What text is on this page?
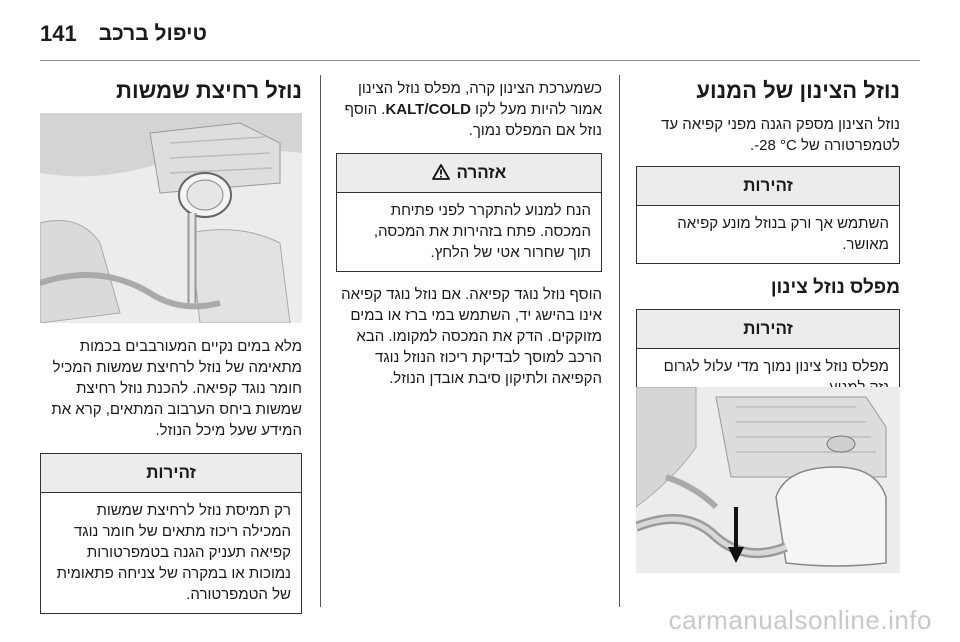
141 טיפול ברכב
נוזל הצינון של המנוע

נוזל הצינון מספק הגנה מפני קפיאה עד

לטמפרטורה של ‎-28 °C.

זהירות

השתמש אך ורק בנוזל מונע קפיאה

מאושר.

מפלס נוזל צינון
זהירות

מפלס נוזל צינון נמוך מדי עלול לגרום

כשמערכת הצינון קרה, מפלס נוזל הצינון

אמור להיות מעל לקו KALT/COLD. הוסף

נוזל אם המפלס נמוך.

אזהרה

הנח למנוע להתקרר לפני פתיחת

המכסה. פתח בזהירות את המכסה,

תוך שחרור אטי של הלחץ.

הוסף נוזל נוגד קפיאה. אם נוזל נוגד קפיאה

אינו בהישג יד, השתמש במי ברז או במים

מזוקקים. הדק את המכסה למקומו. הבא

הרכב למוסך לבדיקת ריכוז הנוזל נוגד

הקפיאה ולתיקון סיבת אובדן הנוזל.

נוזל רחיצת שמשות

מלא במים נקיים המעורבבים בכמות

מתאימה של נוזל לרחיצת שמשות המכיל

חומר נוגד קפיאה. להכנת נוזל רחיצת

שמשות ביחס הערבוב המתאים, קרא את

המידע שעל מיכל הנוזל.

זהירות

רק תמיסת נוזל לרחיצת שמשות

המכילה ריכוז מתאים של חומר נוגד

קפיאה תעניק הגנה בטמפרטורות

נמוכות או במקרה של צניחה פתאומית

של הטמפרטורה.

carmanualsonline.info
